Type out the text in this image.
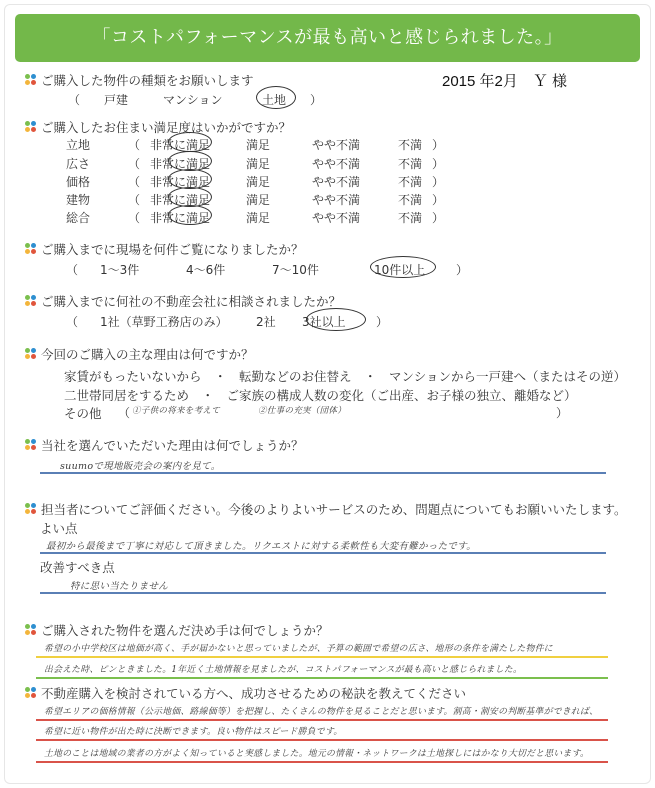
「コストパフォーマンスが最も高いと感じられました。」
2015 年2月　Ｙ 様
ご購入した物件の種類をお願いします
（ 戸建	マンション	土地 ）
ご購入したお住まい満足度はいかがですか？
立地	（ 非常に満足	満足	やや不満	不満 ）
広さ	（ 非常に満足	満足	やや不満	不満 ）
価格	（ 非常に満足	満足	やや不満	不満 ）
建物	（ 非常に満足	満足	やや不満	不満 ）
総合	（ 非常に満足	満足	やや不満	不満 ）
ご購入までに現場を何件ご覧になりましたか？
（ 1～3件	4～6件	7～10件	10件以上	）
ご購入までに何社の不動産会社に相談されましたか？
（ 1社（草野工務店のみ） 2社 3社以上	）
今回のご購入の主な理由は何ですか？
家賃がもったいないから　・　転勤などのお住替え　・　マンションから一戸建へ（またはその逆）
二世帯同居をするため　・　ご家族の構成人数の変化（ご出産、お子様の独立、離婚など）
その他 （ ①子供の将来を考えて	②仕事の充実（団体）	）
当社を選んでいただいた理由は何でしょうか？
suumoで現地販売会の案内を見て。
担当者についてご評価ください。今後のよりよいサービスのため、問題点についてもお願いいたします。
よい点
最初から最後まで丁寧に対応して頂きました。リクエストに対する柔軟性も大変有難かったです。
改善すべき点
特に思い当たりません
ご購入された物件を選んだ決め手は何でしょうか？
希望の小中学校区は地価が高く、手が届かないと思っていましたが、予算の範囲で希望の広さ、地形の条件を満たした物件に
出会えた時、ピンときました。1年近く土地情報を見ましたが、コストパフォーマンスが最も高いと感じられました。
不動産購入を検討されている方へ、成功させるための秘訣を教えてください
希望エリアの価格情報（公示地価、路線価等）を把握し、たくさんの物件を見ることだと思います。割高・割安の判断基準ができれば、
希望に近い物件が出た時に決断できます。良い物件はスピード勝負です。
土地のことは地域の業者の方がよく知っていると実感しました。地元の情報・ネットワークは土地探しにはかなり大切だと思います。
